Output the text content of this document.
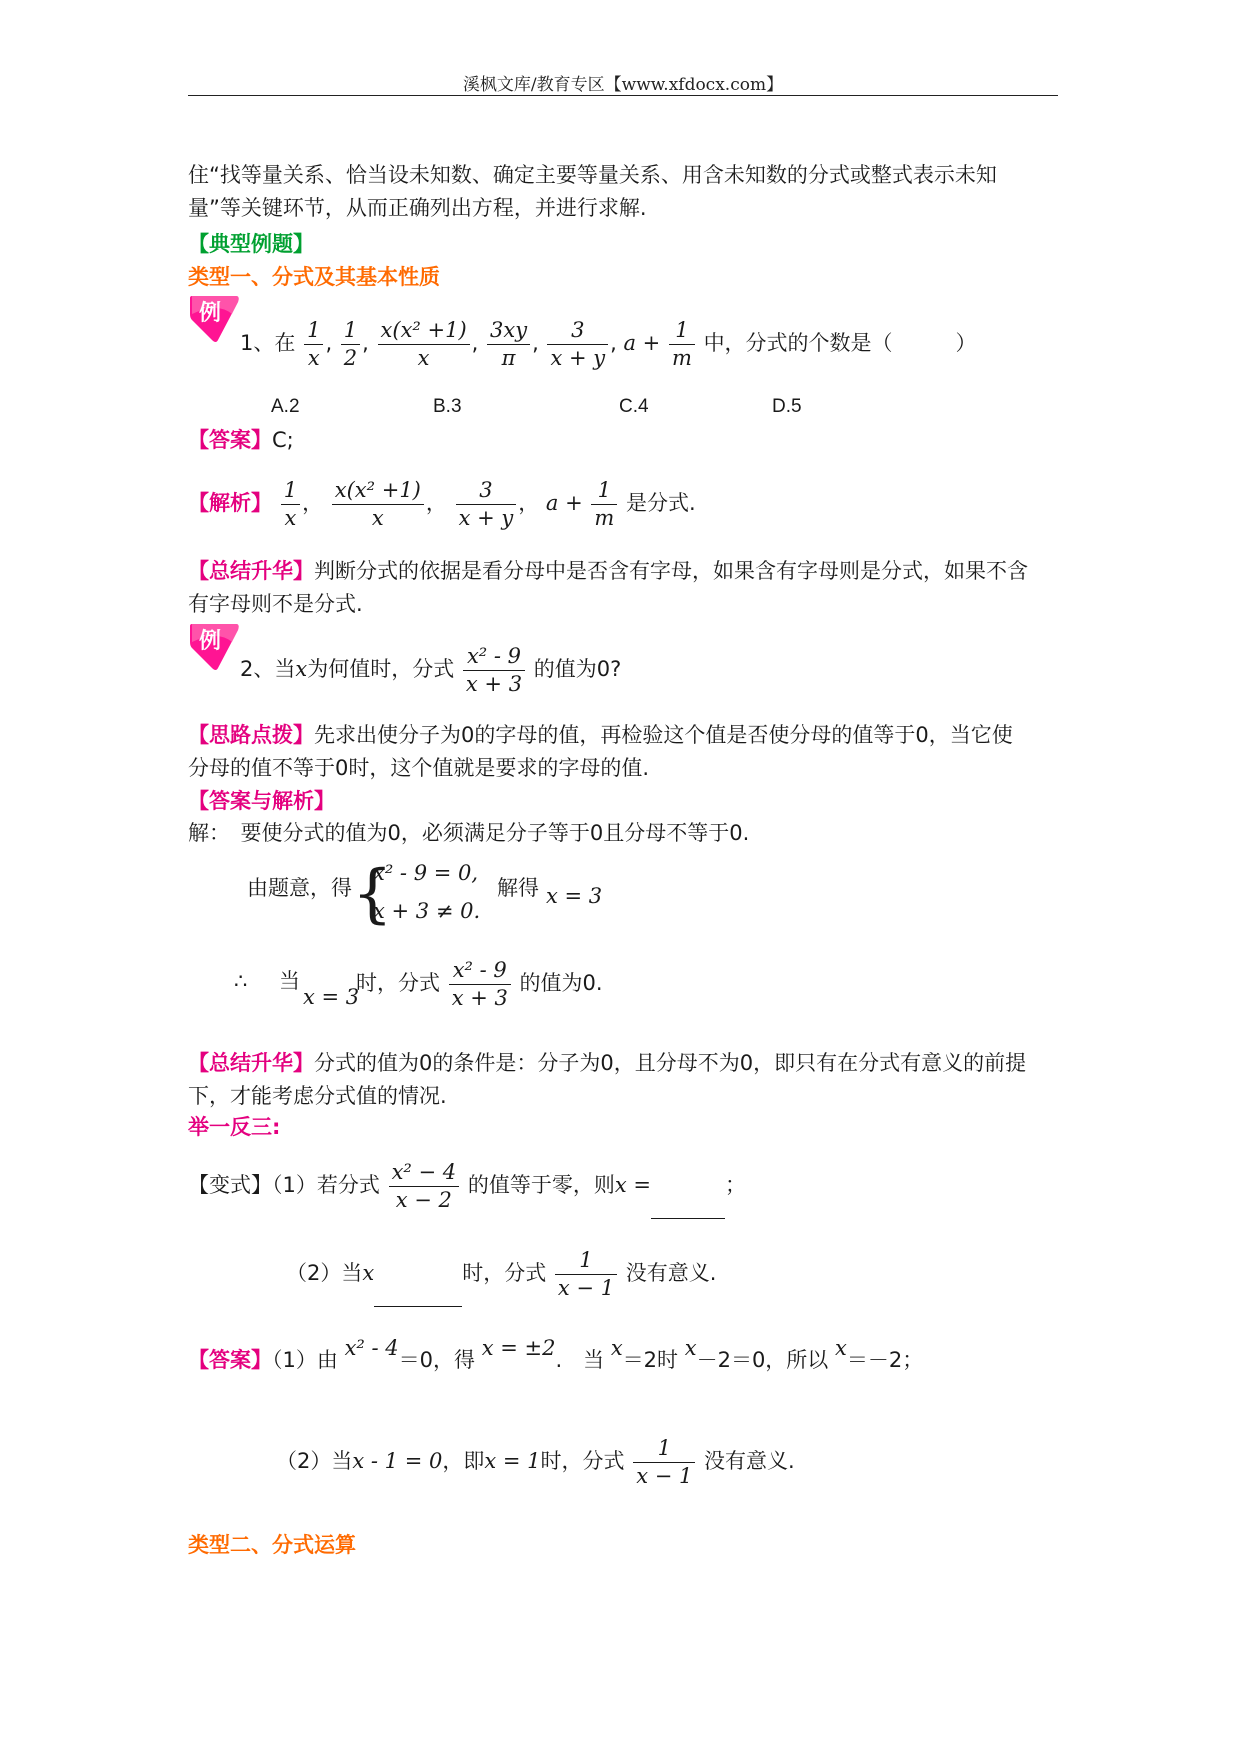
溪枫文库/教育专区【www.xfdocx.com】
住“找等量关系、恰当设未知数、确定主要等量关系、用含未知数的分式或整式表示未知
量”等关键环节，从而正确列出方程，并进行求解.
【典型例题】
类型一、分式及其基本性质
例
1、在 $\frac{1}{x}$ , $\frac{1}{2}$ , $\frac{\text{x(x² +1)}}{x}$ , $\frac{3xy}{\pi}$ , $\frac{3}{x + y}$ , $a + \frac{1}{m}$ 中，分式的个数是（　　　）
A.2	B.3	C.4	D.5
【答案】C;
【解析】 $\frac{1}{x}$ ， $\frac{\text{x(x² +1)}}{x}$ ， $\frac{3}{x + y}$ ， $a + \frac{1}{m}$ 是分式.
【总结升华】判断分式的依据是看分母中是否含有字母，如果含有字母则是分式，如果不含
有字母则不是分式.
例
2、当x为何值时，分式 $\frac{\text{x² - 9}}{x + 3}$ 的值为0?
【思路点拨】先求出使分子为0的字母的值，再检验这个值是否使分母的值等于0，当它使
分母的值不等于0时，这个值就是要求的字母的值.
【答案与解析】
解：　要使分式的值为0，必须满足分子等于0且分母不等于0.
由题意，得 {
x² - 9 = 0,
x + 3 ≠ 0.
解得 x = 3
∴ 当
x = 3
时，分式 $\frac{\text{x² - 9}}{x + 3}$ 的值为0.
【总结升华】分式的值为0的条件是：分子为0，且分母不为0，即只有在分式有意义的前提
下，才能考虑分式值的情况.
举一反三:
【变式】（1）若分式 $\frac{\text{x² − 4}}{x - 2}$ 的值等于零，则x =	；
（2）当x	时，分式 $\frac{1}{x - 1}$ 没有意义.
【答案】（1）由 x² - 4＝0，得 x = ±2.　当 x＝2时 x－2＝0，所以 x＝－2；
（2）当x - 1 = 0，即x = 1时，分式 $\frac{1}{x - 1}$ 没有意义.
类型二、分式运算
